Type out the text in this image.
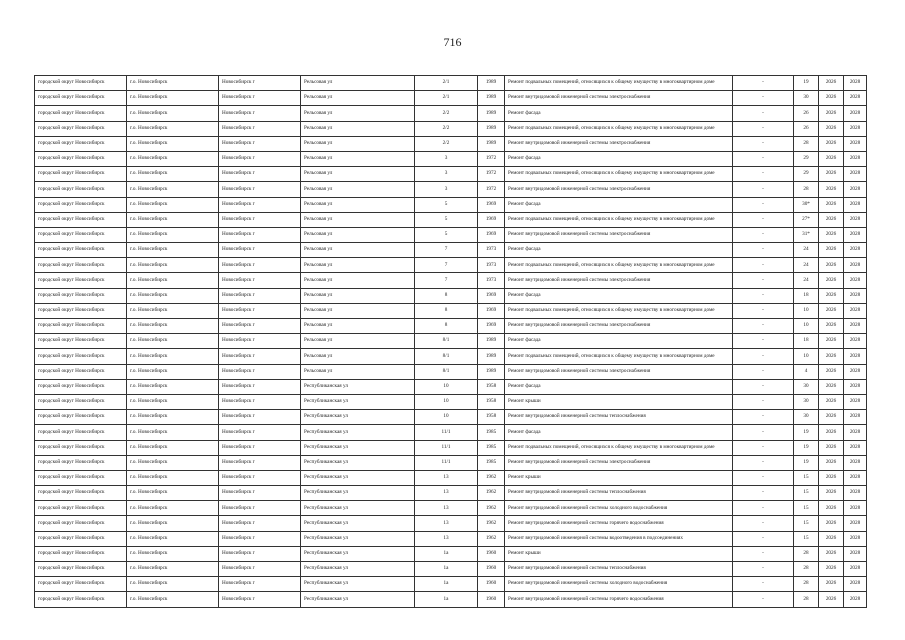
716
городской округ Новосибирск	г.о. Новосибирск	Новосибирск г	Рельсовая ул	2/1	1989	Ремонт подвальных помещений, относящихся к общему имуществу в многоквартирном доме	-	19	2026	2028
городской округ Новосибирск	г.о. Новосибирск	Новосибирск г	Рельсовая ул	2/1	1989	Ремонт внутридомовой инженерной системы электроснабжения	-	30	2026	2028
городской округ Новосибирск	г.о. Новосибирск	Новосибирск г	Рельсовая ул	2/2	1989	Ремонт фасада	-	26	2026	2028
городской округ Новосибирск	г.о. Новосибирск	Новосибирск г	Рельсовая ул	2/2	1989	Ремонт подвальных помещений, относящихся к общему имуществу в многоквартирном доме	-	26	2026	2028
городской округ Новосибирск	г.о. Новосибирск	Новосибирск г	Рельсовая ул	2/2	1989	Ремонт внутридомовой инженерной системы электроснабжения	-	28	2026	2028
городской округ Новосибирск	г.о. Новосибирск	Новосибирск г	Рельсовая ул	3	1972	Ремонт фасада	-	29	2026	2028
городской округ Новосибирск	г.о. Новосибирск	Новосибирск г	Рельсовая ул	3	1972	Ремонт подвальных помещений, относящихся к общему имуществу в многоквартирном доме	-	29	2026	2028
городской округ Новосибирск	г.о. Новосибирск	Новосибирск г	Рельсовая ул	3	1972	Ремонт внутридомовой инженерной системы электроснабжения	-	28	2026	2028
городской округ Новосибирск	г.о. Новосибирск	Новосибирск г	Рельсовая ул	5	1969	Ремонт фасада	-	30*	2026	2028
городской округ Новосибирск	г.о. Новосибирск	Новосибирск г	Рельсовая ул	5	1969	Ремонт подвальных помещений, относящихся к общему имуществу в многоквартирном доме	-	27*	2026	2028
городской округ Новосибирск	г.о. Новосибирск	Новосибирск г	Рельсовая ул	5	1969	Ремонт внутридомовой инженерной системы электроснабжения	-	31*	2026	2028
городской округ Новосибирск	г.о. Новосибирск	Новосибирск г	Рельсовая ул	7	1973	Ремонт фасада	-	24	2026	2028
городской округ Новосибирск	г.о. Новосибирск	Новосибирск г	Рельсовая ул	7	1973	Ремонт подвальных помещений, относящихся к общему имуществу в многоквартирном доме	-	24	2026	2028
городской округ Новосибирск	г.о. Новосибирск	Новосибирск г	Рельсовая ул	7	1973	Ремонт внутридомовой инженерной системы электроснабжения	-	24	2026	2028
городской округ Новосибирск	г.о. Новосибирск	Новосибирск г	Рельсовая ул	8	1969	Ремонт фасада	-	18	2026	2028
городской округ Новосибирск	г.о. Новосибирск	Новосибирск г	Рельсовая ул	8	1969	Ремонт подвальных помещений, относящихся к общему имуществу в многоквартирном доме	-	10	2026	2028
городской округ Новосибирск	г.о. Новосибирск	Новосибирск г	Рельсовая ул	8	1969	Ремонт внутридомовой инженерной системы электроснабжения	-	10	2026	2028
городской округ Новосибирск	г.о. Новосибирск	Новосибирск г	Рельсовая ул	8/1	1989	Ремонт фасада	-	18	2026	2028
городской округ Новосибирск	г.о. Новосибирск	Новосибирск г	Рельсовая ул	8/1	1989	Ремонт подвальных помещений, относящихся к общему имуществу в многоквартирном доме	-	10	2026	2028
городской округ Новосибирск	г.о. Новосибирск	Новосибирск г	Рельсовая ул	8/1	1989	Ремонт внутридомовой инженерной системы электроснабжения	-	4	2026	2028
городской округ Новосибирск	г.о. Новосибирск	Новосибирск г	Республиканская ул	10	1958	Ремонт фасада	-	30	2026	2028
городской округ Новосибирск	г.о. Новосибирск	Новосибирск г	Республиканская ул	10	1958	Ремонт крыши	-	30	2026	2028
городской округ Новосибирск	г.о. Новосибирск	Новосибирск г	Республиканская ул	10	1958	Ремонт внутридомовой инженерной системы теплоснабжения	-	30	2026	2028
городской округ Новосибирск	г.о. Новосибирск	Новосибирск г	Республиканская ул	11/1	1985	Ремонт фасада	-	19	2026	2028
городской округ Новосибирск	г.о. Новосибирск	Новосибирск г	Республиканская ул	11/1	1985	Ремонт подвальных помещений, относящихся к общему имуществу в многоквартирном доме	-	19	2026	2028
городской округ Новосибирск	г.о. Новосибирск	Новосибирск г	Республиканская ул	11/1	1985	Ремонт внутридомовой инженерной системы электроснабжения	-	19	2026	2028
городской округ Новосибирск	г.о. Новосибирск	Новосибирск г	Республиканская ул	13	1962	Ремонт крыши	-	15	2026	2028
городской округ Новосибирск	г.о. Новосибирск	Новосибирск г	Республиканская ул	13	1962	Ремонт внутридомовой инженерной системы теплоснабжения	-	15	2026	2028
городской округ Новосибирск	г.о. Новосибирск	Новосибирск г	Республиканская ул	13	1962	Ремонт внутридомовой инженерной системы холодного водоснабжения	-	15	2026	2028
городской округ Новосибирск	г.о. Новосибирск	Новосибирск г	Республиканская ул	13	1962	Ремонт внутридомовой инженерной системы горячего водоснабжения	-	15	2026	2028
городской округ Новосибирск	г.о. Новосибирск	Новосибирск г	Республиканская ул	13	1962	Ремонт внутридомовой инженерной системы водоотведения в подсоединениях	-	15	2026	2028
городской округ Новосибирск	г.о. Новосибирск	Новосибирск г	Республиканская ул	1а	1960	Ремонт крыши	-	28	2026	2028
городской округ Новосибирск	г.о. Новосибирск	Новосибирск г	Республиканская ул	1а	1960	Ремонт внутридомовой инженерной системы теплоснабжения	-	28	2026	2028
городской округ Новосибирск	г.о. Новосибирск	Новосибирск г	Республиканская ул	1а	1960	Ремонт внутридомовой инженерной системы холодного водоснабжения	-	28	2026	2028
городской округ Новосибирск	г.о. Новосибирск	Новосибирск г	Республиканская ул	1а	1960	Ремонт внутридомовой инженерной системы горячего водоснабжения	-	28	2026	2028
